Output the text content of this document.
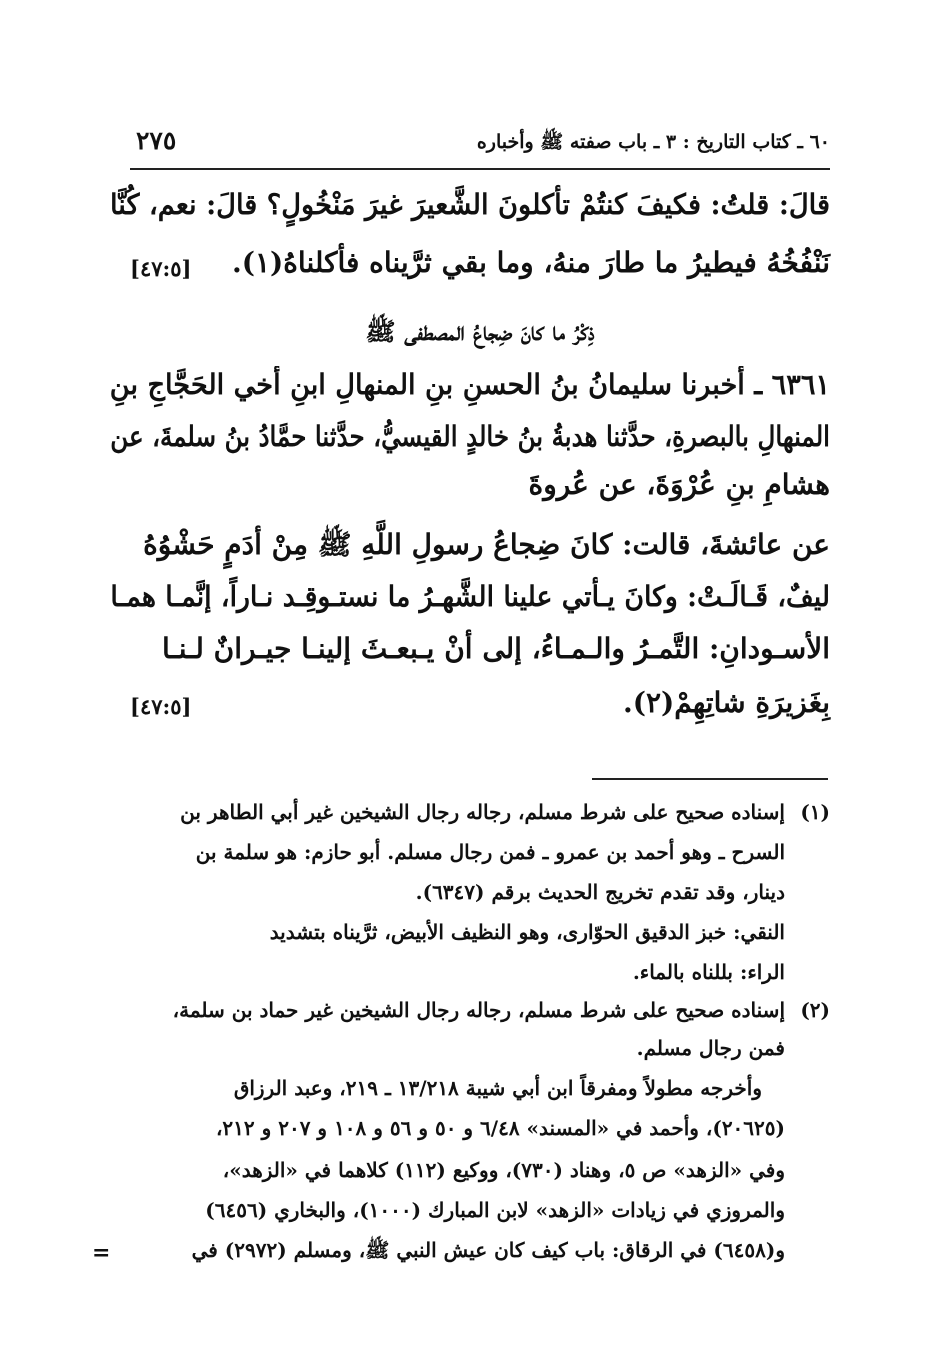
٦٠ ـ كتاب التاريخ : ٣ ـ باب صفته ﷺ وأخباره
٢٧٥
قالَ: قلتُ: فكيفَ كنتُمْ تأكلونَ الشَّعيرَ غيرَ مَنْخُولٍ؟ قالَ: نعم، كُنَّا
نَنْفُخُهُ فيطيرُ ما طارَ منهُ، وما بقي ثرَّيناه فأكلناهُ(١).
[٤٧:٥]
ذِكْرُ ما كانَ ضِجاعُ المصطفى ﷺ
٦٣٦١ ـ أخبرنا سليمانُ بنُ الحسنِ بنِ المنهالِ ابنِ أخي الحَجَّاجِ بنِ
المنهالِ بالبصرةِ، حدَّثنا هدبةُ بنُ خالدٍ القيسيُّ، حدَّثنا حمَّادُ بنُ سلمةَ، عن
هشامِ بنِ عُرْوَةَ، عن عُروةَ
عن عائشةَ، قالت: كانَ ضِجاعُ رسولِ اللَّهِ ﷺ مِنْ أدَمٍ حَشْوُهُ
ليفٌ، قَـالَـتْ: وكانَ يـأتي علينا الشَّهـرُ ما نستـوقِـد نـاراً، إنَّمـا همـا
الأسـودانِ: التَّمـرُ والـمـاءُ، إلى أنْ يـبعـثَ إلينـا جيـرانٌ لـنـا
بِغَزيرَةِ شاتِهِمْ(٢).
[٤٧:٥]
(١)
إسناده صحيح على شرط مسلم، رجاله رجال الشيخين غير أبي الطاهر بن
السرح ـ وهو أحمد بن عمرو ـ فمن رجال مسلم. أبو حازم: هو سلمة بن
دينار، وقد تقدم تخريج الحديث برقم (٦٣٤٧).
النقي: خبز الدقيق الحوّارى، وهو النظيف الأبيض، ثرَّيناه بتشديد
الراء: بللناه بالماء.
(٢)
إسناده صحيح على شرط مسلم، رجاله رجال الشيخين غير حماد بن سلمة،
فمن رجال مسلم.
وأخرجه مطولاً ومفرقاً ابن أبي شيبة ١٣/٢١٨ ـ ٢١٩، وعبد الرزاق
(٢٠٦٢٥)، وأحمد في «المسند» ٦/٤٨ و ٥٠ و ٥٦ و ١٠٨ و ٢٠٧ و ٢١٢،
وفي «الزهد» ص ٥، وهناد (٧٣٠)، ووكيع (١١٢) كلاهما في «الزهد»،
والمروزي في زيادات «الزهد» لابن المبارك (١٠٠٠)، والبخاري (٦٤٥٦)
و(٦٤٥٨) في الرقاق: باب كيف كان عيش النبي ﷺ، ومسلم (٢٩٧٢) في
=
